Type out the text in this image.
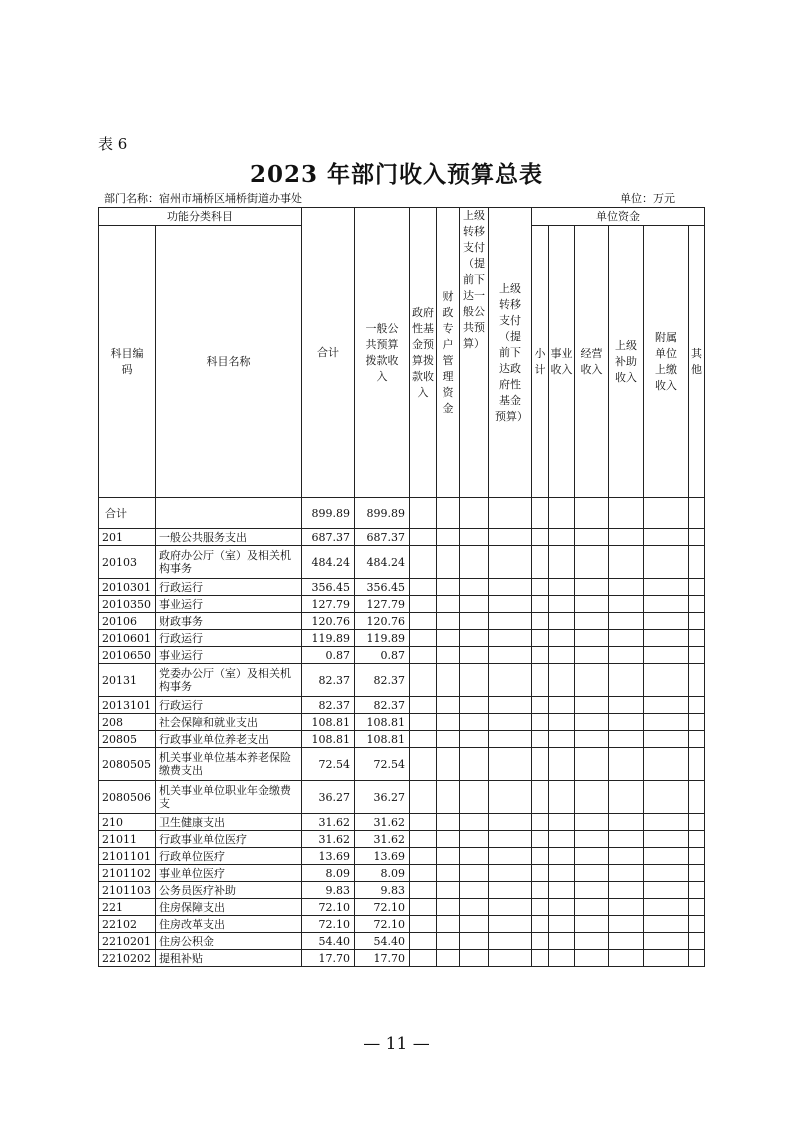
表 6
2023 年部门收入预算总表
部门名称：宿州市埇桥区埇桥街道办事处	单位：万元
功能分类科目		合计	一般公共预算拨款收入	政府性基金预算拨款收入	财政专户管理资金	上级转移支付（提前下达一般公共预算）	上级转移支付（提前下达政府性基金预算）	单位资金					
科目编码	科目名称							小计	事业收入	经营收入	上级补助收入	附属单位上缴收入	其他
合计		899.89	899.89										
201	一般公共服务支出	687.37	687.37										
20103	政府办公厅（室）及相关机构事务	484.24	484.24										
2010301	行政运行	356.45	356.45										
2010350	事业运行	127.79	127.79										
20106	财政事务	120.76	120.76										
2010601	行政运行	119.89	119.89										
2010650	事业运行	0.87	0.87										
20131	党委办公厅（室）及相关机构事务	82.37	82.37										
2013101	行政运行	82.37	82.37										
208	社会保障和就业支出	108.81	108.81										
20805	行政事业单位养老支出	108.81	108.81										
2080505	机关事业单位基本养老保险缴费支出	72.54	72.54										
2080506	机关事业单位职业年金缴费支	36.27	36.27										
210	卫生健康支出	31.62	31.62										
21011	行政事业单位医疗	31.62	31.62										
2101101	行政单位医疗	13.69	13.69										
2101102	事业单位医疗	8.09	8.09										
2101103	公务员医疗补助	9.83	9.83										
221	住房保障支出	72.10	72.10										
22102	住房改革支出	72.10	72.10										
2210201	住房公积金	54.40	54.40										
2210202	提租补贴	17.70	17.70										
— 11 —
